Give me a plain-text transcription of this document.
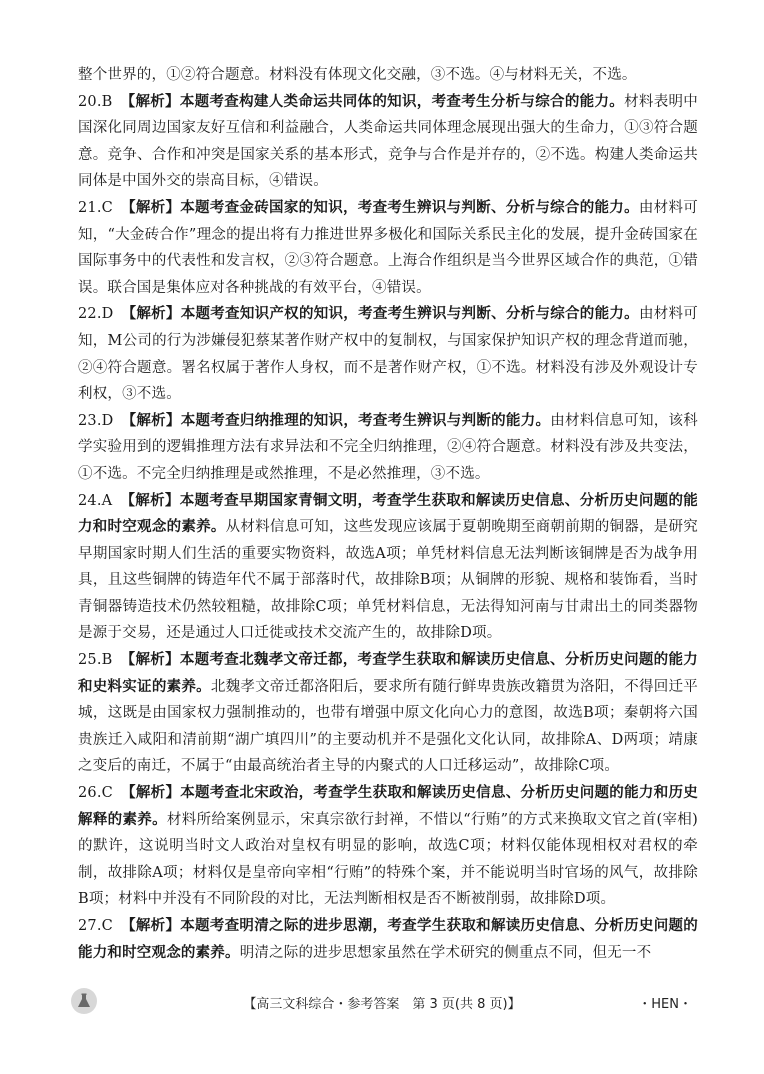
整个世界的，①②符合题意。材料没有体现文化交融，③不选。④与材料无关，不选。

20.B 【解析】本题考查构建人类命运共同体的知识，考查考生分析与综合的能力。材料表明中国深化同周边国家友好互信和利益融合，人类命运共同体理念展现出强大的生命力，①③符合题意。竞争、合作和冲突是国家关系的基本形式，竞争与合作是并存的，②不选。构建人类命运共同体是中国外交的崇高目标，④错误。

21.C 【解析】本题考查金砖国家的知识，考查考生辨识与判断、分析与综合的能力。由材料可知，“大金砖合作”理念的提出将有力推进世界多极化和国际关系民主化的发展，提升金砖国家在国际事务中的代表性和发言权，②③符合题意。上海合作组织是当今世界区域合作的典范，①错误。联合国是集体应对各种挑战的有效平台，④错误。

22.D 【解析】本题考查知识产权的知识，考查考生辨识与判断、分析与综合的能力。由材料可知，M公司的行为涉嫌侵犯蔡某著作财产权中的复制权，与国家保护知识产权的理念背道而驰，②④符合题意。署名权属于著作人身权，而不是著作财产权，①不选。材料没有涉及外观设计专利权，③不选。

23.D 【解析】本题考查归纳推理的知识，考查考生辨识与判断的能力。由材料信息可知，该科学实验用到的逻辑推理方法有求异法和不完全归纳推理，②④符合题意。材料没有涉及共变法，①不选。不完全归纳推理是或然推理，不是必然推理，③不选。

24.A 【解析】本题考查早期国家青铜文明，考查学生获取和解读历史信息、分析历史问题的能力和时空观念的素养。从材料信息可知，这些发现应该属于夏朝晚期至商朝前期的铜器，是研究早期国家时期人们生活的重要实物资料，故选A项；单凭材料信息无法判断该铜牌是否为战争用具，且这些铜牌的铸造年代不属于部落时代，故排除B项；从铜牌的形貌、规格和装饰看，当时青铜器铸造技术仍然较粗糙，故排除C项；单凭材料信息，无法得知河南与甘肃出土的同类器物是源于交易，还是通过人口迁徙或技术交流产生的，故排除D项。

25.B 【解析】本题考查北魏孝文帝迁都，考查学生获取和解读历史信息、分析历史问题的能力和史料实证的素养。北魏孝文帝迁都洛阳后，要求所有随行鲜卑贵族改籍贯为洛阳，不得回迁平城，这既是由国家权力强制推动的，也带有增强中原文化向心力的意图，故选B项；秦朝将六国贵族迁入咸阳和清前期“湖广填四川”的主要动机并不是强化文化认同，故排除A、D两项；靖康之变后的南迁，不属于“由最高统治者主导的内聚式的人口迁移运动”，故排除C项。

26.C 【解析】本题考查北宋政治，考查学生获取和解读历史信息、分析历史问题的能力和历史解释的素养。材料所给案例显示，宋真宗欲行封禅，不惜以“行贿”的方式来换取文官之首(宰相)的默许，这说明当时文人政治对皇权有明显的影响，故选C项；材料仅能体现相权对君权的牵制，故排除A项；材料仅是皇帝向宰相“行贿”的特殊个案，并不能说明当时官场的风气，故排除B项；材料中并没有不同阶段的对比，无法判断相权是否不断被削弱，故排除D项。

27.C 【解析】本题考查明清之际的进步思潮，考查学生获取和解读历史信息、分析历史问题的能力和时空观念的素养。明清之际的进步思想家虽然在学术研究的侧重点不同，但无一不

【高三文科综合・参考答案　第 3 页(共 8 页)】	・HEN・
